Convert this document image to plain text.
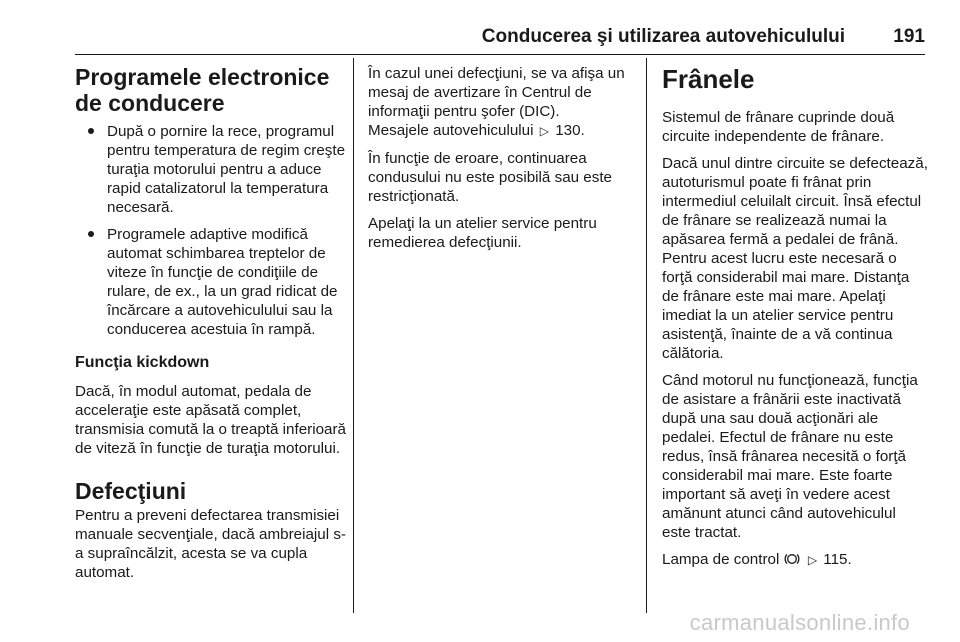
Conducerea şi utilizarea autovehiculului	191
Programele electronice de conducere
După o pornire la rece, programul pentru temperatura de regim creşte turaţia motorului pentru a aduce rapid catalizatorul la temperatura necesară.
Programele adaptive modifică automat schimbarea treptelor de viteze în funcţie de condiţiile de rulare, de ex., la un grad ridicat de încărcare a autovehiculului sau la conducerea acestuia în rampă.
Funcţia kickdown

Dacă, în modul automat, pedala de acceleraţie este apăsată complet, transmisia comută la o treaptă inferioară de viteză în funcţie de turaţia motorului.

Defecţiuni

Pentru a preveni defectarea transmisiei manuale secvenţiale, dacă ambreiajul s-a supraîncălzit, acesta se va cupla automat.

În cazul unei defecţiuni, se va afişa un mesaj de avertizare în Centrul de informaţii pentru şofer (DIC).

Mesajele autovehiculului ▷ 130.

În funcţie de eroare, continuarea condusului nu este posibilă sau este restricţionată.

Apelaţi la un atelier service pentru remedierea defecţiunii.

Frânele

Sistemul de frânare cuprinde două circuite independente de frânare.

Dacă unul dintre circuite se defectează, autoturismul poate fi frânat prin intermediul celuilalt circuit. Însă efectul de frânare se realizează numai la apăsarea fermă a pedalei de frână. Pentru acest lucru este necesară o forţă considerabil mai mare. Distanţa de frânare este mai mare. Apelaţi imediat la un atelier service pentru asistenţă, înainte de a vă continua călătoria.

Când motorul nu funcţionează, funcţia de asistare a frânării este inactivată după una sau două acţionări ale pedalei. Efectul de frânare nu este redus, însă frânarea necesită o forţă considerabil mai mare. Este foarte important să aveţi în vedere acest amănunt atunci când autovehiculul este tractat.

Lampa de control ▷ 115.

carmanualsonline.info
